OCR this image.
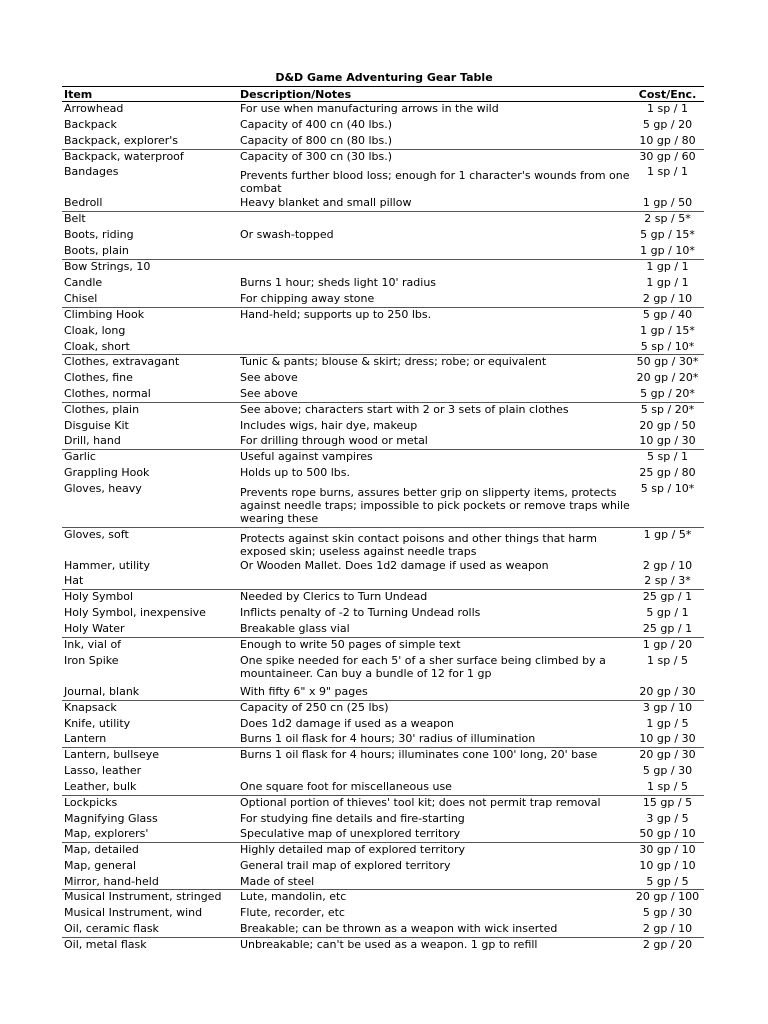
D&D Game Adventuring Gear Table
Item	Description/Notes	Cost/Enc.
Arrowhead	For use when manufacturing arrows in the wild	1 sp / 1
Backpack	Capacity of 400 cn (40 lbs.)	5 gp / 20
Backpack, explorer's	Capacity of 800 cn (80 lbs.)	10 gp / 80
Backpack, waterproof	Capacity of 300 cn (30 lbs.)	30 gp / 60
Bandages	Prevents further blood loss; enough for 1 character's wounds from one combat	1 sp / 1
Bedroll	Heavy blanket and small pillow	1 gp / 50
Belt		2 sp / 5*
Boots, riding	Or swash-topped	5 gp / 15*
Boots, plain		1 gp / 10*
Bow Strings, 10		1 gp / 1
Candle	Burns 1 hour; sheds light 10' radius	1 gp / 1
Chisel	For chipping away stone	2 gp / 10
Climbing Hook	Hand-held; supports up to 250 lbs.	5 gp / 40
Cloak, long		1 gp / 15*
Cloak, short		5 sp / 10*
Clothes, extravagant	Tunic & pants; blouse & skirt; dress; robe; or equivalent	50 gp / 30*
Clothes, fine	See above	20 gp / 20*
Clothes, normal	See above	5 gp / 20*
Clothes, plain	See above; characters start with 2 or 3 sets of plain clothes	5 sp / 20*
Disguise Kit	Includes wigs, hair dye, makeup	20 gp / 50
Drill, hand	For drilling through wood or metal	10 gp / 30
Garlic	Useful against vampires	5 sp / 1
Grappling Hook	Holds up to 500 lbs.	25 gp / 80
Gloves, heavy	Prevents rope burns, assures better grip on slipperty items, protects against needle traps; impossible to pick pockets or remove traps while wearing these	5 sp / 10*
Gloves, soft	Protects against skin contact poisons and other things that harm exposed skin; useless against needle traps	1 gp / 5*
Hammer, utility	Or Wooden Mallet. Does 1d2 damage if used as weapon	2 gp / 10
Hat		2 sp / 3*
Holy Symbol	Needed by Clerics to Turn Undead	25 gp / 1
Holy Symbol, inexpensive	Inflicts penalty of -2 to Turning Undead rolls	5 gp / 1
Holy Water	Breakable glass vial	25 gp / 1
Ink, vial of	Enough to write 50 pages of simple text	1 gp / 20
Iron Spike	One spike needed for each 5' of a sher surface being climbed by a mountaineer. Can buy a bundle of 12 for 1 gp	1 sp / 5
Journal, blank	With fifty 6" x 9" pages	20 gp / 30
Knapsack	Capacity of 250 cn (25 lbs)	3 gp / 10
Knife, utility	Does 1d2 damage if used as a weapon	1 gp / 5
Lantern	Burns 1 oil flask for 4 hours; 30' radius of illumination	10 gp / 30
Lantern, bullseye	Burns 1 oil flask for 4 hours; illuminates cone 100' long, 20' base	20 gp / 30
Lasso, leather		5 gp / 30
Leather, bulk	One square foot for miscellaneous use	1 sp / 5
Lockpicks	Optional portion of thieves' tool kit; does not permit trap removal	15 gp / 5
Magnifying Glass	For studying fine details and fire-starting	3 gp / 5
Map, explorers'	Speculative map of unexplored territory	50 gp / 10
Map, detailed	Highly detailed map of explored territory	30 gp / 10
Map, general	General trail map of explored territory	10 gp / 10
Mirror, hand-held	Made of steel	5 gp / 5
Musical Instrument, stringed	Lute, mandolin, etc	20 gp / 100
Musical Instrument, wind	Flute, recorder, etc	5 gp / 30
Oil, ceramic flask	Breakable; can be thrown as a weapon with wick inserted	2 gp / 10
Oil, metal flask	Unbreakable; can't be used as a weapon. 1 gp to refill	2 gp / 20
